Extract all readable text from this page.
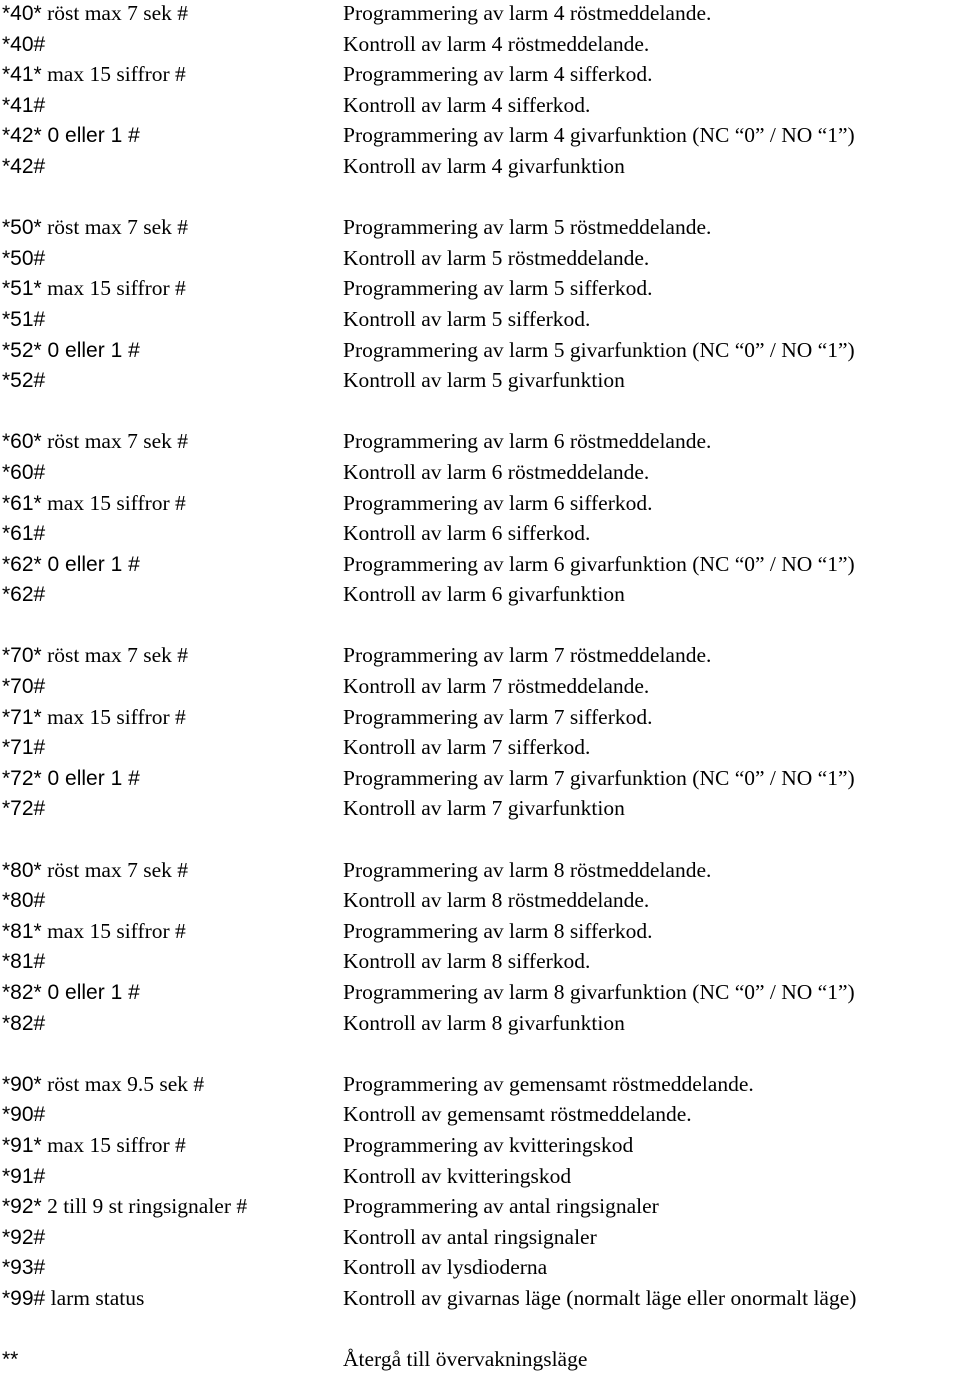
*40* röst max 7 sek #	Programmering av larm 4 röstmeddelande.
*40#	Kontroll av larm 4 röstmeddelande.
*41* max 15 siffror #	Programmering av larm 4 sifferkod.
*41#	Kontroll av larm 4 sifferkod.
*42* 0 eller 1 #	Programmering av larm 4 givarfunktion (NC “0” / NO “1”)
*42#	Kontroll av larm 4 givarfunktion
*50* röst max 7 sek #	Programmering av larm 5 röstmeddelande.
*50#	Kontroll av larm 5 röstmeddelande.
*51* max 15 siffror #	Programmering av larm 5 sifferkod.
*51#	Kontroll av larm 5 sifferkod.
*52* 0 eller 1 #	Programmering av larm 5 givarfunktion (NC “0” / NO “1”)
*52#	Kontroll av larm 5 givarfunktion
*60* röst max 7 sek #	Programmering av larm 6 röstmeddelande.
*60#	Kontroll av larm 6 röstmeddelande.
*61* max 15 siffror #	Programmering av larm 6 sifferkod.
*61#	Kontroll av larm 6 sifferkod.
*62* 0 eller 1 #	Programmering av larm 6 givarfunktion (NC “0” / NO “1”)
*62#	Kontroll av larm 6 givarfunktion
*70* röst max 7 sek #	Programmering av larm 7 röstmeddelande.
*70#	Kontroll av larm 7 röstmeddelande.
*71* max 15 siffror #	Programmering av larm 7 sifferkod.
*71#	Kontroll av larm 7 sifferkod.
*72* 0 eller 1 #	Programmering av larm 7 givarfunktion (NC “0” / NO “1”)
*72#	Kontroll av larm 7 givarfunktion
*80* röst max 7 sek #	Programmering av larm 8 röstmeddelande.
*80#	Kontroll av larm 8 röstmeddelande.
*81* max 15 siffror #	Programmering av larm 8 sifferkod.
*81#	Kontroll av larm 8 sifferkod.
*82* 0 eller 1 #	Programmering av larm 8 givarfunktion (NC “0” / NO “1”)
*82#	Kontroll av larm 8 givarfunktion
*90* röst max 9.5 sek #	Programmering av gemensamt röstmeddelande.
*90#	Kontroll av gemensamt röstmeddelande.
*91* max 15 siffror #	Programmering av kvitteringskod
*91#	Kontroll av kvitteringskod
*92* 2 till 9 st ringsignaler #	Programmering av antal ringsignaler
*92#	Kontroll av antal ringsignaler
*93#	Kontroll av lysdioderna
*99# larm status	Kontroll av givarnas läge (normalt läge eller onormalt läge)
**	Återgå till övervakningsläge
